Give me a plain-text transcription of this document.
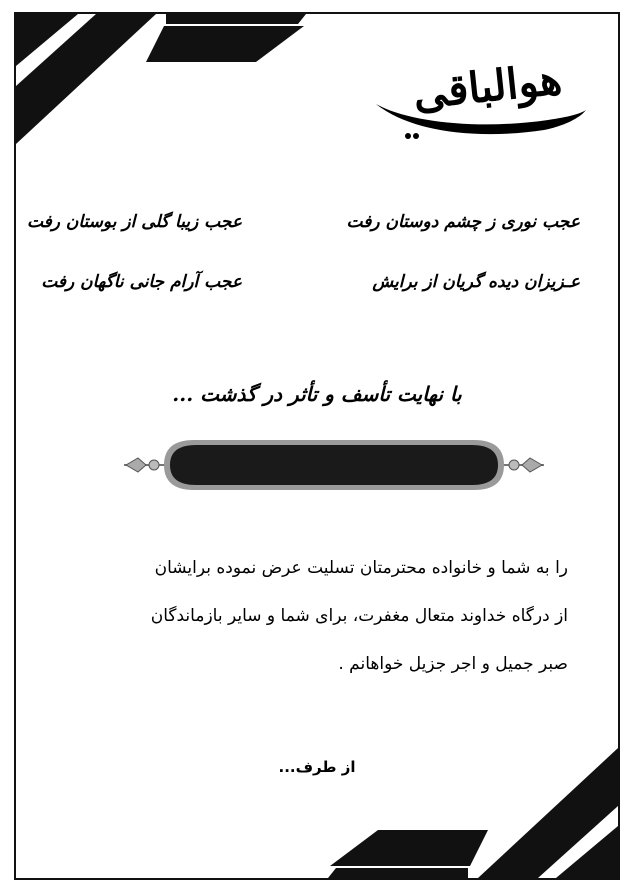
هوالباقی
عجب نوری ز چشم دوستان رفت
عجب زیبا گلی از بوستان رفت
عـزیزان دیده گریان از برایش
عجب آرام جانی ناگهان رفت
با نهایت تأسف و تأثر در گذشت ...
را به شما و خانواده محترمتان تسلیت عرض نموده برایشان
از درگاه خداوند متعال مغفرت، برای شما و سایر بازماندگان
صبر جمیل و اجر جزیل خواهانم .
از طرف...
